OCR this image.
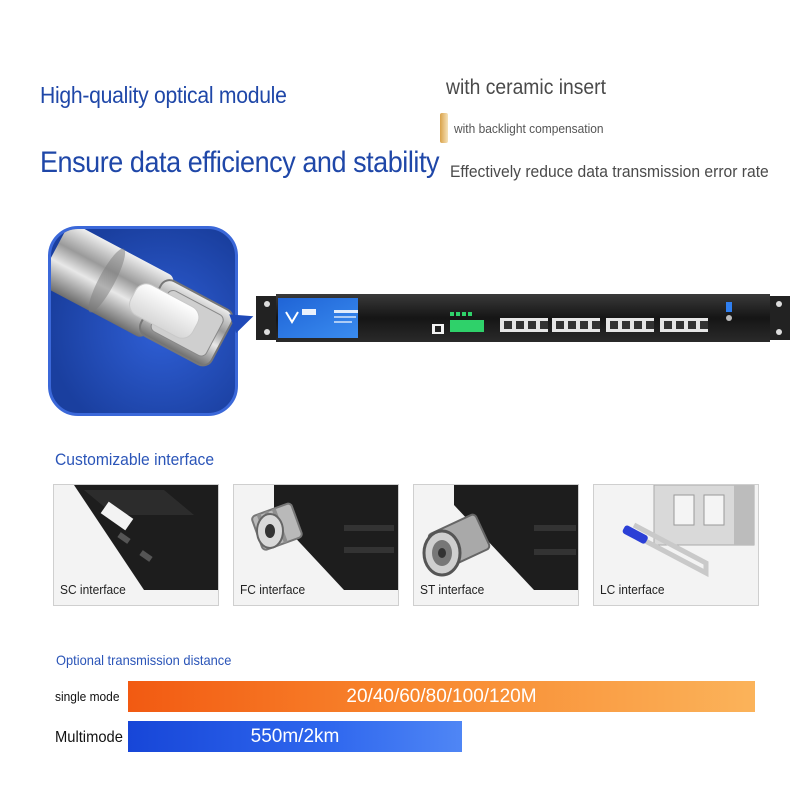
High-quality optical module
Ensure data efficiency and stability
with ceramic insert
with backlight compensation
Effectively reduce data transmission error rate
Customizable interface
SC interface	FC interface	ST interface	LC interface
Optional transmission distance
single mode	20/40/60/80/100/120M
Multimode	550m/2km
